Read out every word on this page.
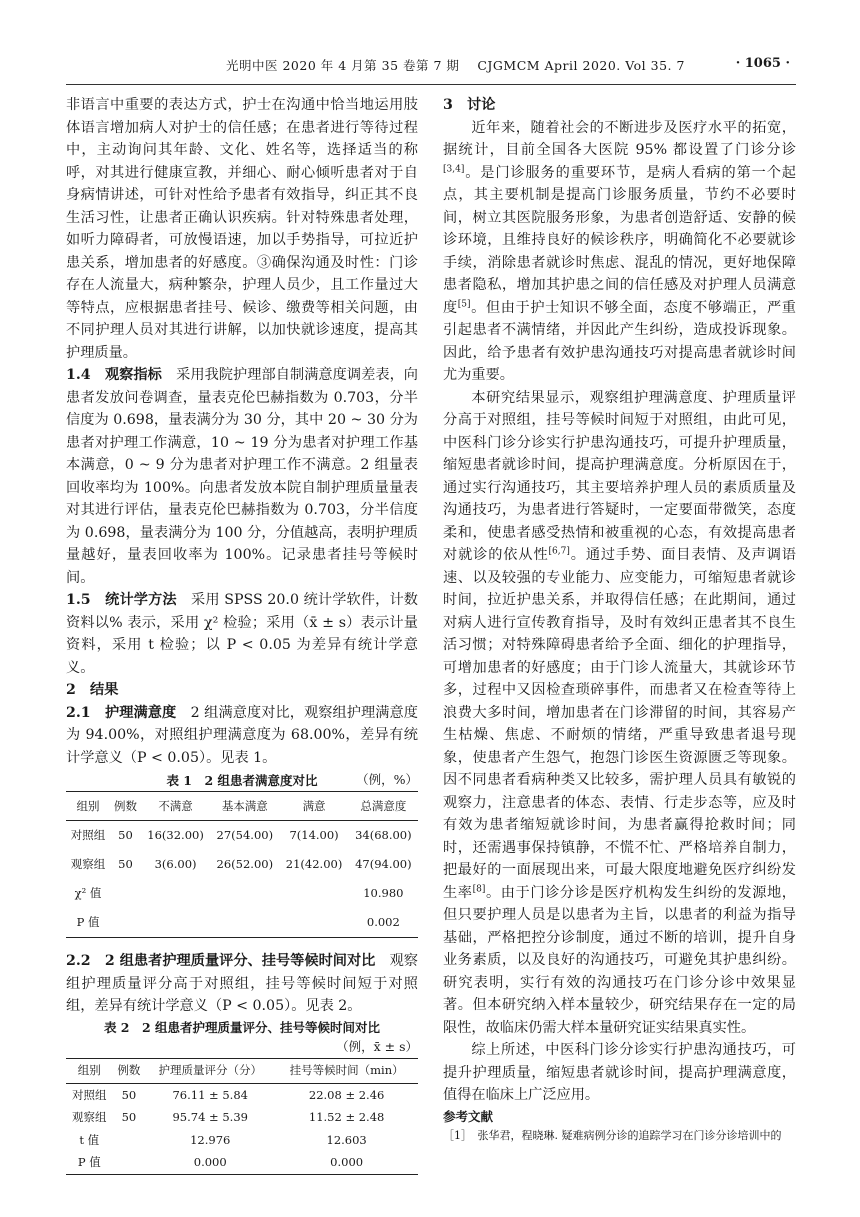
光明中医 2020 年 4 月第 35 卷第 7 期 CJGMCM April 2020. Vol 35. 7	· 1065 ·

非语言中重要的表达方式，护士在沟通中恰当地运用肢体语言增加病人对护士的信任感；在患者进行等待过程中，主动询问其年龄、文化、姓名等，选择适当的称呼，对其进行健康宣教，并细心、耐心倾听患者对于自身病情讲述，可针对性给予患者有效指导，纠正其不良生活习性，让患者正确认识疾病。针对特殊患者处理，如听力障碍者，可放慢语速，加以手势指导，可拉近护患关系，增加患者的好感度。③确保沟通及时性：门诊存在人流量大，病种繁杂，护理人员少，且工作量过大等特点，应根据患者挂号、候诊、缴费等相关问题，由不同护理人员对其进行讲解，以加快就诊速度，提高其护理质量。

1.4　观察指标　采用我院护理部自制满意度调差表，向患者发放问卷调查，量表克伦巴赫指数为 0.703，分半信度为 0.698，量表满分为 30 分，其中 20 ~ 30 分为患者对护理工作满意，10 ~ 19 分为患者对护理工作基本满意，0 ~ 9 分为患者对护理工作不满意。2 组量表回收率均为 100%。向患者发放本院自制护理质量量表对其进行评估，量表克伦巴赫指数为 0.703，分半信度为 0.698，量表满分为 100 分，分值越高，表明护理质量越好，量表回收率为 100%。记录患者挂号等候时间。

1.5　统计学方法　采用 SPSS 20.0 统计学软件，计数资料以% 表示，采用 χ² 检验；采用（x̄ ± s）表示计量资料，采用 t 检验；以 P < 0.05 为差异有统计学意义。

2　结果

2.1　护理满意度　2 组满意度对比，观察组护理满意度为 94.00%，对照组护理满意度为 68.00%，差异有统计学意义（P < 0.05）。见表 1。

表 1　2 组患者满意度对比	（例，%）

组别	例数	不满意	基本满意	满意	总满意度
对照组	50	16(32.00)	27(54.00)	7(14.00)	34(68.00)
观察组	50	3(6.00)	26(52.00)	21(42.00)	47(94.00)
χ² 值					10.980
P 值					0.002

2.2　2 组患者护理质量评分、挂号等候时间对比　观察组护理质量评分高于对照组，挂号等候时间短于对照组，差异有统计学意义（P < 0.05）。见表 2。

表 2　2 组患者护理质量评分、挂号等候时间对比

（例，x̄ ± s）

组别	例数	护理质量评分（分）	挂号等候时间（min）
对照组	50	76.11 ± 5.84	22.08 ± 2.46
观察组	50	95.74 ± 5.39	11.52 ± 2.48
t 值		12.976	12.603
P 值		0.000	0.000

3　讨论

近年来，随着社会的不断进步及医疗水平的拓宽，据统计，目前全国各大医院 95% 都设置了门诊分诊[3,4]。是门诊服务的重要环节，是病人看病的第一个起点，其主要机制是提高门诊服务质量，节约不必要时间，树立其医院服务形象，为患者创造舒适、安静的候诊环境，且维持良好的候诊秩序，明确简化不必要就诊手续，消除患者就诊时焦虑、混乱的情况，更好地保障患者隐私，增加其护患之间的信任感及对护理人员满意度[5]。但由于护士知识不够全面，态度不够端正，严重引起患者不满情绪，并因此产生纠纷，造成投诉现象。因此，给予患者有效护患沟通技巧对提高患者就诊时间尤为重要。

本研究结果显示，观察组护理满意度、护理质量评分高于对照组，挂号等候时间短于对照组，由此可见，中医科门诊分诊实行护患沟通技巧，可提升护理质量，缩短患者就诊时间，提高护理满意度。分析原因在于，通过实行沟通技巧，其主要培养护理人员的素质质量及沟通技巧，为患者进行答疑时，一定要面带微笑，态度柔和，使患者感受热情和被重视的心态，有效提高患者对就诊的依从性[6,7]。通过手势、面目表情、及声调语速、以及较强的专业能力、应变能力，可缩短患者就诊时间，拉近护患关系，并取得信任感；在此期间，通过对病人进行宣传教育指导，及时有效纠正患者其不良生活习惯；对特殊障碍患者给予全面、细化的护理指导，可增加患者的好感度；由于门诊人流量大，其就诊环节多，过程中又因检查琐碎事件，而患者又在检查等待上浪费大多时间，增加患者在门诊滞留的时间，其容易产生枯燥、焦虑、不耐烦的情绪，严重导致患者退号现象，使患者产生怨气，抱怨门诊医生资源匮乏等现象。因不同患者看病种类又比较多，需护理人员具有敏锐的观察力，注意患者的体态、表情、行走步态等，应及时有效为患者缩短就诊时间，为患者赢得抢救时间；同时，还需遇事保持镇静，不慌不忙、严格培养自制力，把最好的一面展现出来，可最大限度地避免医疗纠纷发生率[8]。由于门诊分诊是医疗机构发生纠纷的发源地，但只要护理人员是以患者为主旨，以患者的利益为指导基础，严格把控分诊制度，通过不断的培训，提升自身业务素质，以及良好的沟通技巧，可避免其护患纠纷。研究表明，实行有效的沟通技巧在门诊分诊中效果显著。但本研究纳入样本量较少，研究结果存在一定的局限性，故临床仍需大样本量研究证实结果真实性。

综上所述，中医科门诊分诊实行护患沟通技巧，可提升护理质量，缩短患者就诊时间，提高护理满意度，值得在临床上广泛应用。

参考文献

［1］　张华君，程晓琳. 疑难病例分诊的追踪学习在门诊分诊培训中的
